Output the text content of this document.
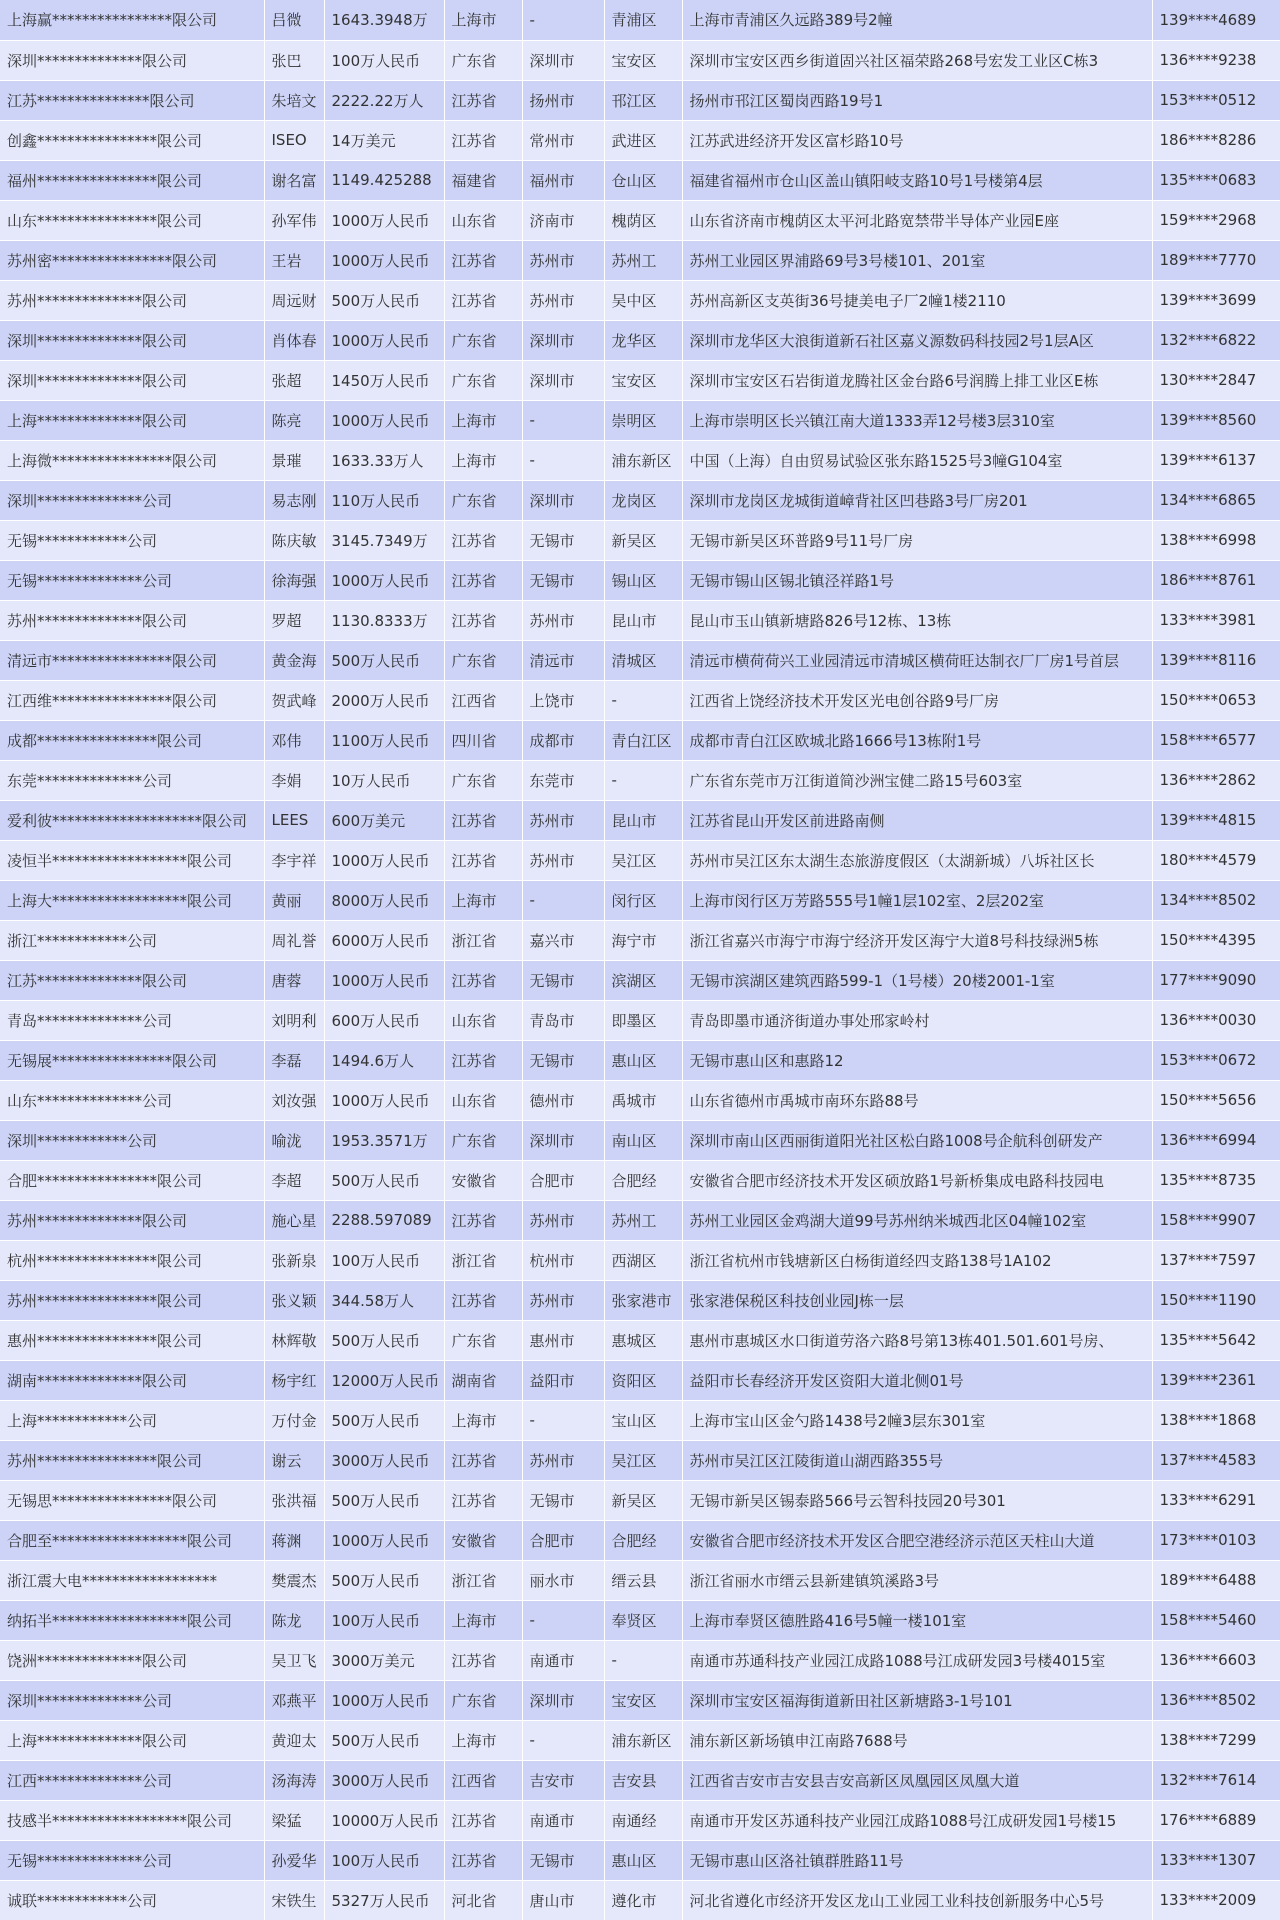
上海赢****************限公司	吕微	1643.3948万	上海市	-	青浦区	上海市青浦区久远路389号2幢	139****4689
深圳**************限公司	张巴	100万人民币	广东省	深圳市	宝安区	深圳市宝安区西乡街道固兴社区福荣路268号宏发工业区C栋3	136****9238
江苏***************限公司	朱培文	2222.22万人	江苏省	扬州市	邗江区	扬州市邗江区蜀岗西路19号1	153****0512
创鑫****************限公司	ISEO	14万美元	江苏省	常州市	武进区	江苏武进经济开发区富杉路10号	186****8286
福州****************限公司	谢名富	1149.425288	福建省	福州市	仓山区	福建省福州市仓山区盖山镇阳岐支路10号1号楼第4层	135****0683
山东****************限公司	孙军伟	1000万人民币	山东省	济南市	槐荫区	山东省济南市槐荫区太平河北路宽禁带半导体产业园E座	159****2968
苏州密****************限公司	王岩	1000万人民币	江苏省	苏州市	苏州工	苏州工业园区界浦路69号3号楼101、201室	189****7770
苏州**************限公司	周远财	500万人民币	江苏省	苏州市	吴中区	苏州高新区支英街36号捷美电子厂2幢1楼2110	139****3699
深圳**************限公司	肖体春	1000万人民币	广东省	深圳市	龙华区	深圳市龙华区大浪街道新石社区嘉义源数码科技园2号1层A区	132****6822
深圳**************限公司	张超	1450万人民币	广东省	深圳市	宝安区	深圳市宝安区石岩街道龙腾社区金台路6号润腾上排工业区E栋	130****2847
上海**************限公司	陈亮	1000万人民币	上海市	-	崇明区	上海市崇明区长兴镇江南大道1333弄12号楼3层310室	139****8560
上海微****************限公司	景璀	1633.33万人	上海市	-	浦东新区	中国（上海）自由贸易试验区张东路1525号3幢G104室	139****6137
深圳**************公司	易志刚	110万人民币	广东省	深圳市	龙岗区	深圳市龙岗区龙城街道嶂背社区凹巷路3号厂房201	134****6865
无锡************公司	陈庆敏	3145.7349万	江苏省	无锡市	新吴区	无锡市新吴区环普路9号11号厂房	138****6998
无锡**************公司	徐海强	1000万人民币	江苏省	无锡市	锡山区	无锡市锡山区锡北镇泾祥路1号	186****8761
苏州**************限公司	罗超	1130.8333万	江苏省	苏州市	昆山市	昆山市玉山镇新塘路826号12栋、13栋	133****3981
清远市****************限公司	黄金海	500万人民币	广东省	清远市	清城区	清远市横荷荷兴工业园清远市清城区横荷旺达制衣厂厂房1号首层	139****8116
江西维****************限公司	贺武峰	2000万人民币	江西省	上饶市	-	江西省上饶经济技术开发区光电创谷路9号厂房	150****0653
成都****************限公司	邓伟	1100万人民币	四川省	成都市	青白江区	成都市青白江区欧城北路1666号13栋附1号	158****6577
东莞**************公司	李娟	10万人民币	广东省	东莞市	-	广东省东莞市万江街道简沙洲宝健二路15号603室	136****2862
爱利彼********************限公司	LEES	600万美元	江苏省	苏州市	昆山市	江苏省昆山开发区前进路南侧	139****4815
凌恒半******************限公司	李宇祥	1000万人民币	江苏省	苏州市	吴江区	苏州市吴江区东太湖生态旅游度假区（太湖新城）八坼社区长	180****4579
上海大******************限公司	黄丽	8000万人民币	上海市	-	闵行区	上海市闵行区万芳路555号1幢1层102室、2层202室	134****8502
浙江************公司	周礼誉	6000万人民币	浙江省	嘉兴市	海宁市	浙江省嘉兴市海宁市海宁经济开发区海宁大道8号科技绿洲5栋	150****4395
江苏**************限公司	唐蓉	1000万人民币	江苏省	无锡市	滨湖区	无锡市滨湖区建筑西路599-1（1号楼）20楼2001-1室	177****9090
青岛**************公司	刘明利	600万人民币	山东省	青岛市	即墨区	青岛即墨市通济街道办事处邢家岭村	136****0030
无锡展****************限公司	李磊	1494.6万人	江苏省	无锡市	惠山区	无锡市惠山区和惠路12	153****0672
山东**************公司	刘汝强	1000万人民币	山东省	德州市	禹城市	山东省德州市禹城市南环东路88号	150****5656
深圳************公司	喻泷	1953.3571万	广东省	深圳市	南山区	深圳市南山区西丽街道阳光社区松白路1008号企航科创研发产	136****6994
合肥****************限公司	李超	500万人民币	安徽省	合肥市	合肥经	安徽省合肥市经济技术开发区硕放路1号新桥集成电路科技园电	135****8735
苏州**************限公司	施心星	2288.597089	江苏省	苏州市	苏州工	苏州工业园区金鸡湖大道99号苏州纳米城西北区04幢102室	158****9907
杭州****************限公司	张新泉	100万人民币	浙江省	杭州市	西湖区	浙江省杭州市钱塘新区白杨街道经四支路138号1A102	137****7597
苏州****************限公司	张义颖	344.58万人	江苏省	苏州市	张家港市	张家港保税区科技创业园J栋一层	150****1190
惠州****************限公司	林辉敬	500万人民币	广东省	惠州市	惠城区	惠州市惠城区水口街道劳洛六路8号第13栋401.501.601号房、	135****5642
湖南**************限公司	杨宇红	12000万人民币	湖南省	益阳市	资阳区	益阳市长春经济开发区资阳大道北侧01号	139****2361
上海************公司	万付金	500万人民币	上海市	-	宝山区	上海市宝山区金勺路1438号2幢3层东301室	138****1868
苏州****************限公司	谢云	3000万人民币	江苏省	苏州市	吴江区	苏州市吴江区江陵街道山湖西路355号	137****4583
无锡思****************限公司	张洪福	500万人民币	江苏省	无锡市	新吴区	无锡市新吴区锡泰路566号云智科技园20号301	133****6291
合肥至******************限公司	蒋渊	1000万人民币	安徽省	合肥市	合肥经	安徽省合肥市经济技术开发区合肥空港经济示范区天柱山大道	173****0103
浙江震大电******************	樊震杰	500万人民币	浙江省	丽水市	缙云县	浙江省丽水市缙云县新建镇筑溪路3号	189****6488
纳拓半******************限公司	陈龙	100万人民币	上海市	-	奉贤区	上海市奉贤区德胜路416号5幢一楼101室	158****5460
饶洲**************限公司	吴卫飞	3000万美元	江苏省	南通市	-	南通市苏通科技产业园江成路1088号江成研发园3号楼4015室	136****6603
深圳**************公司	邓燕平	1000万人民币	广东省	深圳市	宝安区	深圳市宝安区福海街道新田社区新塘路3-1号101	136****8502
上海**************限公司	黄迎太	500万人民币	上海市	-	浦东新区	浦东新区新场镇申江南路7688号	138****7299
江西**************公司	汤海涛	3000万人民币	江西省	吉安市	吉安县	江西省吉安市吉安县吉安高新区凤凰园区凤凰大道	132****7614
技感半******************限公司	梁猛	10000万人民币	江苏省	南通市	南通经	南通市开发区苏通科技产业园江成路1088号江成研发园1号楼15	176****6889
无锡**************公司	孙爱华	100万人民币	江苏省	无锡市	惠山区	无锡市惠山区洛社镇群胜路11号	133****1307
诚联************公司	宋铁生	5327万人民币	河北省	唐山市	遵化市	河北省遵化市经济开发区龙山工业园工业科技创新服务中心5号	133****2009
